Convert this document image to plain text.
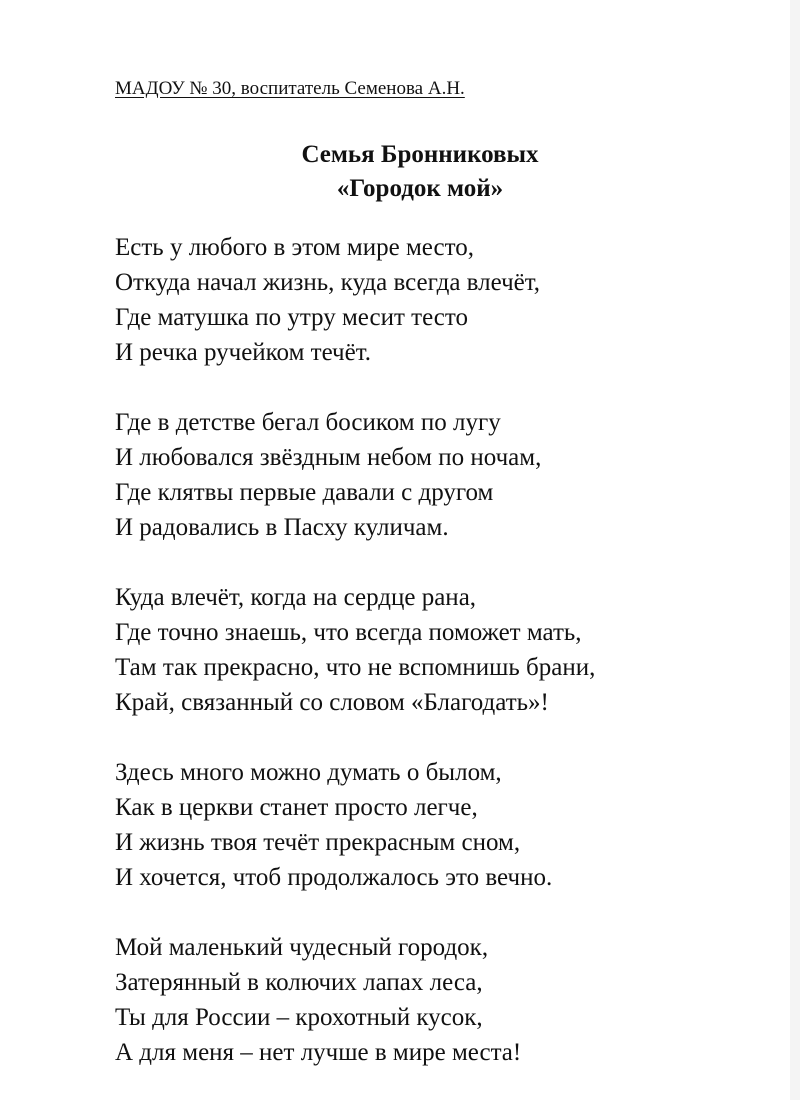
МАДОУ № 30, воспитатель Семенова А.Н.
Семья Бронниковых
«Городок мой»
Есть у любого в этом мире место,
Откуда начал жизнь, куда всегда влечёт,
Где матушка по утру месит тесто
И речка ручейком течёт.
Где в детстве бегал босиком по лугу
И любовался звёздным небом по ночам,
Где клятвы первые давали с другом
И радовались в Пасху куличам.
Куда влечёт, когда на сердце рана,
Где точно знаешь, что всегда поможет мать,
Там так прекрасно, что не вспомнишь брани,
Край, связанный со словом «Благодать»!
Здесь много можно думать о былом,
Как в церкви станет просто легче,
И жизнь твоя течёт прекрасным сном,
И хочется, чтоб продолжалось это вечно.
Мой маленький чудесный городок,
Затерянный в колючих лапах леса,
Ты для России – крохотный кусок,
А для меня – нет лучше в мире места!
